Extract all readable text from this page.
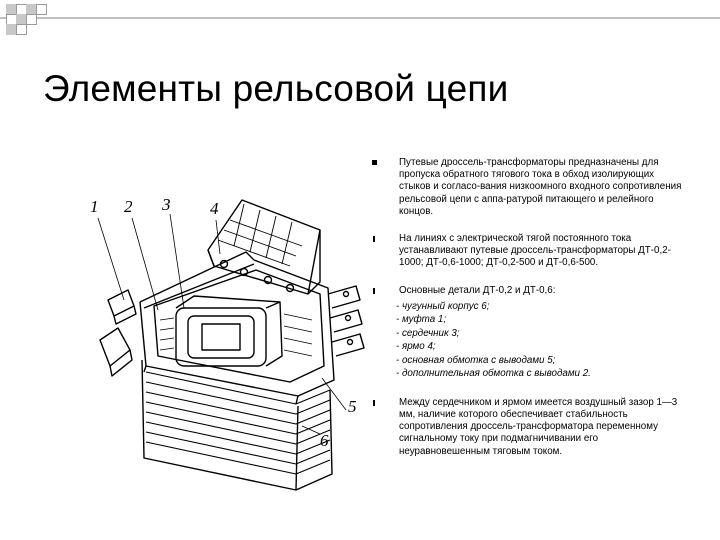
Элементы рельсовой цепи
1 2 3 4
5
6
Путевые дроссель-трансформаторы предназначены для пропуска обратного тягового тока в обход изолирующих стыков и согласо-вания низкоомного входного сопротивления рельсовой цепи с аппа-ратурой питающего и релейного концов.
На линиях с электрической тягой постоянного тока устанавливают путевые дроссель-трансформаторы ДТ-0,2-1000; ДТ-0,6-1000; ДТ-0,2-500 и ДТ-0,6-500.
Основные детали ДТ-0,2 и ДТ-0,6:
- чугунный корпус 6;
- муфта 1;
- сердечник 3;
- ярмо 4;
- основная обмотка с выводами 5;
- дополнительная обмотка с выводами 2.
Между сердечником и ярмом имеется воздушный зазор 1—3 мм, наличие которого обеспечивает стабильность сопротивления дроссель-трансформатора переменному сигнальному току при подмагничивании его неуравновешенным тяговым током.
